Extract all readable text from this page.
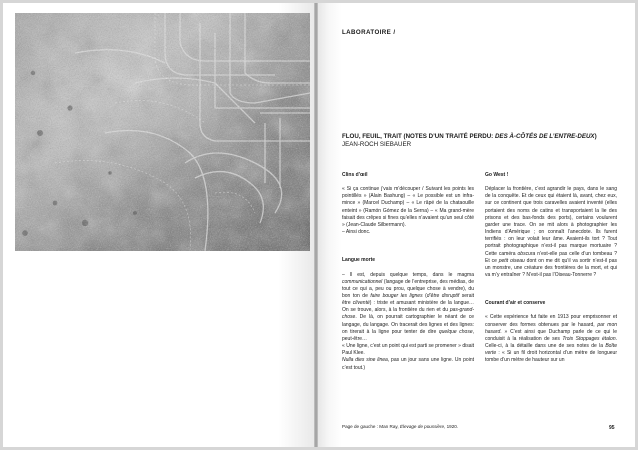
LABORATOIRE /
FLOU, FEUIL, TRAIT (NOTES D’UN TRAITÉ PERDU: DES À-CÔTÉS DE L’ENTRE-DEUX)
JEAN-ROCH SIEBAUER
Clins d’œil

« Si ça continue j’vais m’découper / Suivant les points les pointillés » (Alain Bashung) – « Le possible est un infra-mince » (Marcel Duchamp) – « Le râpé de la chataouille enteint » (Ramón Gómez de la Serna) – « Ma grand-mère faisait des crêpes si fines qu’elles n’avaient qu’un seul côté » (Jean-Claude Silbermann).
– Ainsi donc.

Langue morte

– Il est, depuis quelque temps, dans le magma communicationnel (langage de l’entreprise, des médias, de tout ce qui a, peu ou prou, quelque chose à vendre), du bon ton de faire bouger les lignes (d’être disruptif serait être cliventé) : triste et amusant ministère de la langue… On se trouve, alors, à la frontière du rien et du pas-grand-chose. De là, on pourrait cartographier le néant de ce langage, du langage. On tracerait des lignes et des lignes: on tirerait à la ligne pour tenter de dire quelque chose, peut-être…
« Une ligne, c’est un point qui est parti se promener » disait Paul Klee.
Nulla dies sine linea, pas un jour sans une ligne. Un point c’est tout.)

Go West !

Déplacer la frontière, c’est agrandir le pays, dans le sang de la conquête. Et de ceux qui étaient là, avant, chez eux, sur ce continent que trois caravelles avaient inventé (elles portaient des noms de catins et transportaient la lie des prisons et des bas-fonds des ports), certains voulurent garder une trace. On se mit alors à photographier les Indiens d’Amérique ; on connaît l’anecdote. Ils furent terrifiés : on leur volait leur âme. Avaient-ils tort ? Tout portrait photographique n’est-il pas marque mortuaire ? Cette caméra obscura n’est-elle pas celle d’un tombeau ? Et ce petit oiseau dont on me dit qu’il va sortir n’est-il pas un monstre, une créature des frontières de la mort, et qui va m’y entraîner ? N’est-il pas l’Oiseau-Tonnerre ?

Courant d’air et conserve

« Cette expérience fut faite en 1913 pour emprisonner et conserver des formes obtenues par le hasard, par mon hasard. » C’est ainsi que Duchamp parle de ce qui le conduisit à la réalisation de ses Trois Stoppages étalon. Celle-ci, à la détaille dans une de ses notes de la Boîte verte : « Si un fil droit horizontal d’un mètre de longueur tombe d’un mètre de hauteur sur un

Page de gauche : Man Ray, Élevage de poussière, 1920.	95
